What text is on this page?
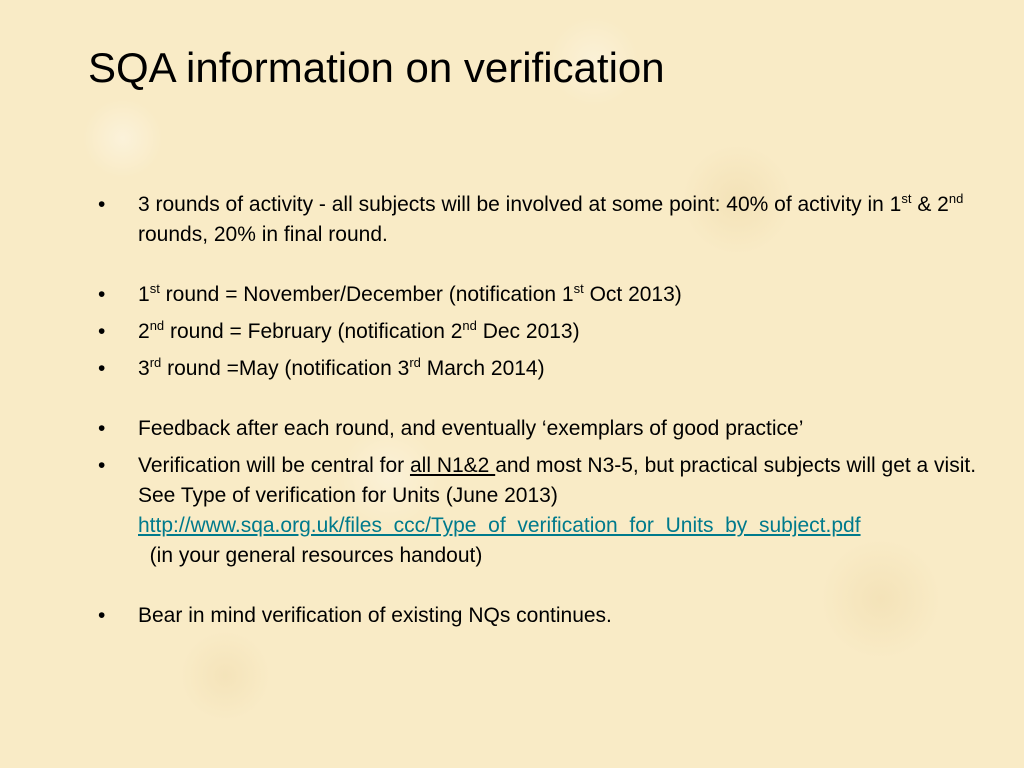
SQA information on verification
• 3 rounds of activity - all subjects will be involved at some point: 40% of activity in 1st & 2nd rounds, 20% in final round.
• 1st round = November/December (notification 1st Oct 2013)
• 2nd round = February (notification 2nd Dec 2013)
• 3rd round =May (notification 3rd March 2014)
• Feedback after each round, and eventually ‘exemplars of good practice’
• Verification will be central for all N1&2 and most N3-5, but practical subjects will get a visit. See Type of verification for Units (June 2013) http://www.sqa.org.uk/files_ccc/Type_of_verification_for_Units_by_subject.pdf  (in your general resources handout)
• Bear in mind verification of existing NQs continues.
